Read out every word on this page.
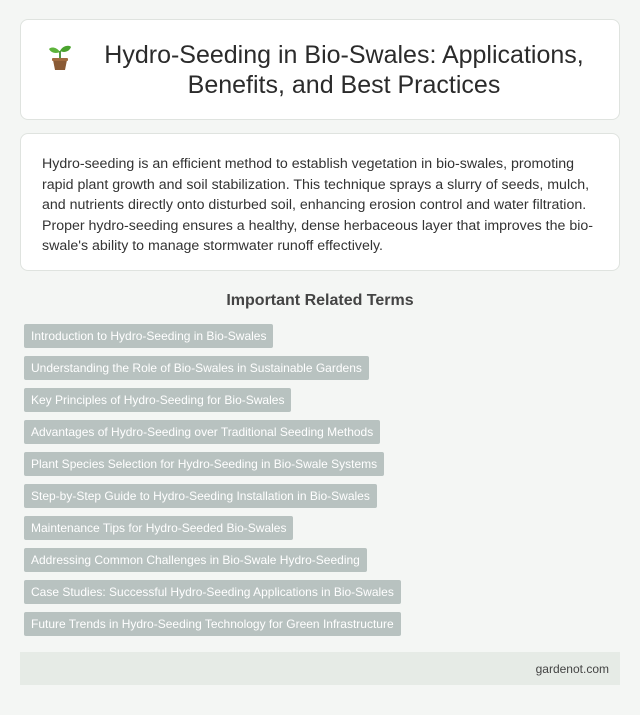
Hydro-Seeding in Bio-Swales: Applications, Benefits, and Best Practices

Hydro-seeding is an efficient method to establish vegetation in bio-swales, promoting rapid plant growth and soil stabilization. This technique sprays a slurry of seeds, mulch, and nutrients directly onto disturbed soil, enhancing erosion control and water filtration. Proper hydro-seeding ensures a healthy, dense herbaceous layer that improves the bio-swale's ability to manage stormwater runoff effectively.

Important Related Terms
Introduction to Hydro-Seeding in Bio-Swales
Understanding the Role of Bio-Swales in Sustainable Gardens
Key Principles of Hydro-Seeding for Bio-Swales
Advantages of Hydro-Seeding over Traditional Seeding Methods
Plant Species Selection for Hydro-Seeding in Bio-Swale Systems
Step-by-Step Guide to Hydro-Seeding Installation in Bio-Swales
Maintenance Tips for Hydro-Seeded Bio-Swales
Addressing Common Challenges in Bio-Swale Hydro-Seeding
Case Studies: Successful Hydro-Seeding Applications in Bio-Swales
Future Trends in Hydro-Seeding Technology for Green Infrastructure
gardenot.com
